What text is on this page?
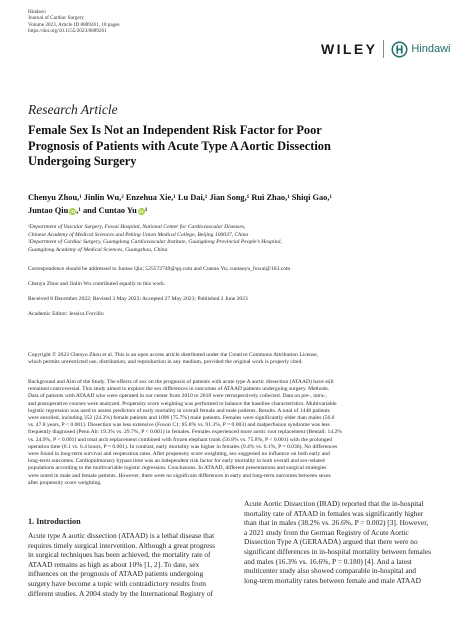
Hindawi
Journal of Cardiac Surgery
Volume 2023, Article ID 8889261, 10 pages
https://doi.org/10.1155/2023/8889261
WILEY	Hindawi
Research Article
Female Sex Is Not an Independent Risk Factor for Poor
Prognosis of Patients with Acute Type A Aortic Dissection
Undergoing Surgery
Chenyu Zhou,¹ Jinlin Wu,² Enzehua Xie,¹ Lu Dai,¹ Jian Song,¹ Rui Zhao,¹ Shiqi Gao,¹
Juntao Qiu iD,¹ and Cuntao Yu iD¹
¹Department of Vascular Surgery, Fuwai Hospital, National Center for Cardiovascular Diseases,
Chinese Academy of Medical Sciences and Peking Union Medical College, Beijing 100037, China
²Department of Cardiac Surgery, Guangdong Cardiovascular Institute, Guangdong Provincial People's Hospital,
Guangdong Academy of Medical Sciences, Guangzhou, China
Correspondence should be addressed to Juntao Qiu; 525572749@qq.com and Cuntao Yu; cuntaoyu_fuwai@163.com
Chenyu Zhou and Jinlin Wu contributed equally to this work.
Received 8 December 2022; Revised 3 May 2023; Accepted 27 May 2023; Published 2 June 2023
Academic Editor: Jessica Forcillo
Copyright © 2023 Chenyu Zhou et al. This is an open access article distributed under the Creative Commons Attribution License,
which permits unrestricted use, distribution, and reproduction in any medium, provided the original work is properly cited.
Background and Aim of the Study. The effects of sex on the prognosis of patients with acute type A aortic dissection (ATAAD) have still
remained controversial. This study aimed to explore the sex differences in outcomes of ATAAD patients undergoing surgery. Methods.
Data of patients with ATAAD who were operated in our center from 2010 to 2018 were retrospectively collected. Data on pre-, intra-,
and postoperative courses were analyzed. Propensity score weighting was performed to balance the baseline characteristics. Multivariable
logistic regression was used to assess predictors of early mortality in overall female and male patients. Results. A total of 1448 patients
were enrolled, including 352 (24.3%) female patients and 1096 (75.7%) male patients. Females were significantly older than males (56.0
vs. 47.8 years, P < 0.001). Dissection was less extensive (Fuwai C1: 85.8% vs. 91.3%, P = 0.003) and malperfusion syndrome was less
frequently diagnosed (Penn Ab: 19.3% vs. 29.7%, P < 0.001) in females. Females experienced more aortic root replacement (Bentall: 14.2%
vs. 24.9%, P < 0.001) and total arch replacement combined with frozen elephant trunk (56.8% vs. 75.8%, P < 0.001) with the prolonged
operation time (6.1 vs. 6.4 hours, P = 0.001). In contrast, early mortality was higher in females (9.4% vs. 6.1%, P = 0.036). No differences
were found in long-term survival and reoperation rates. After propensity score weighting, sex suggested no influence on both early and
long-term outcomes. Cardiopulmonary bypass time was an independent risk factor for early mortality in both overall and sex-related
populations according to the multivariable logistic regression. Conclusions. In ATAAD, different presentations and surgical strategies
were noted in male and female patients. However, there were no significant differences in early and long-term outcomes between sexes
after propensity score weighting.
1. Introduction
Acute type A aortic dissection (ATAAD) is a lethal disease that
requires timely surgical intervention. Although a great progress
in surgical techniques has been achieved, the mortality rate of
ATAAD remains as high as about 10% [1, 2]. To date, sex
influences on the prognosis of ATAAD patients undergoing
surgery have become a topic with contradictory results from
different studies. A 2004 study by the International Registry of
Acute Aortic Dissection (IRAD) reported that the in-hospital
mortality rate of ATAAD in females was significantly higher
than that in males (38.2% vs. 26.6%, P = 0.002) [3]. However,
a 2021 study from the German Registry of Acute Aortic
Dissection Type A (GERAADA) argued that there were no
significant differences in in-hospital mortality between females
and males (16.3% vs. 16.6%, P = 0.180) [4]. And a latest
multicenter study also showed comparable in-hospital and
long-term mortality rates between female and male ATAAD
